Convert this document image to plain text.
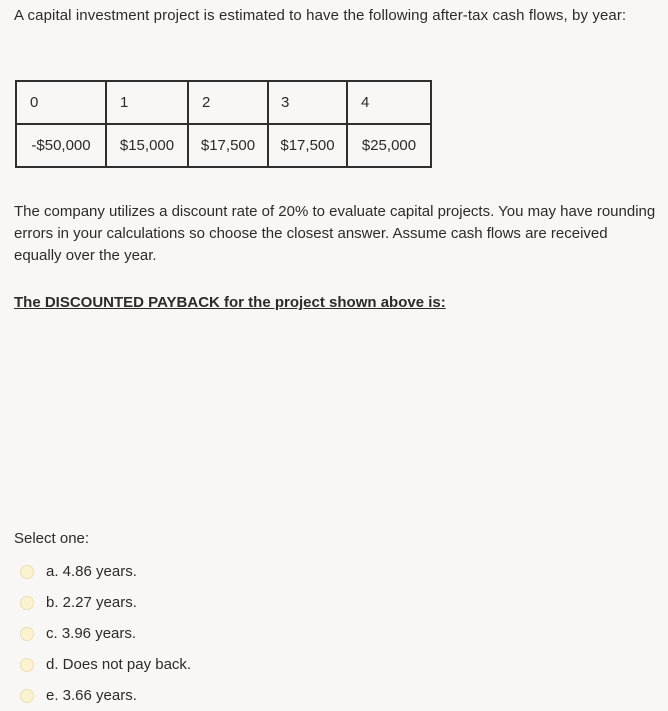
A capital investment project is estimated to have the following after-tax cash flows, by year:
0	1	2	3	4
-$50,000	$15,000	$17,500	$17,500	$25,000
The company utilizes a discount rate of 20% to evaluate capital projects. You may have rounding
errors in your calculations so choose the closest answer. Assume cash flows are received
equally over the year.
The DISCOUNTED PAYBACK for the project shown above is:
Select one:
a. 4.86 years.
b. 2.27 years.
c. 3.96 years.
d. Does not pay back.
e. 3.66 years.
